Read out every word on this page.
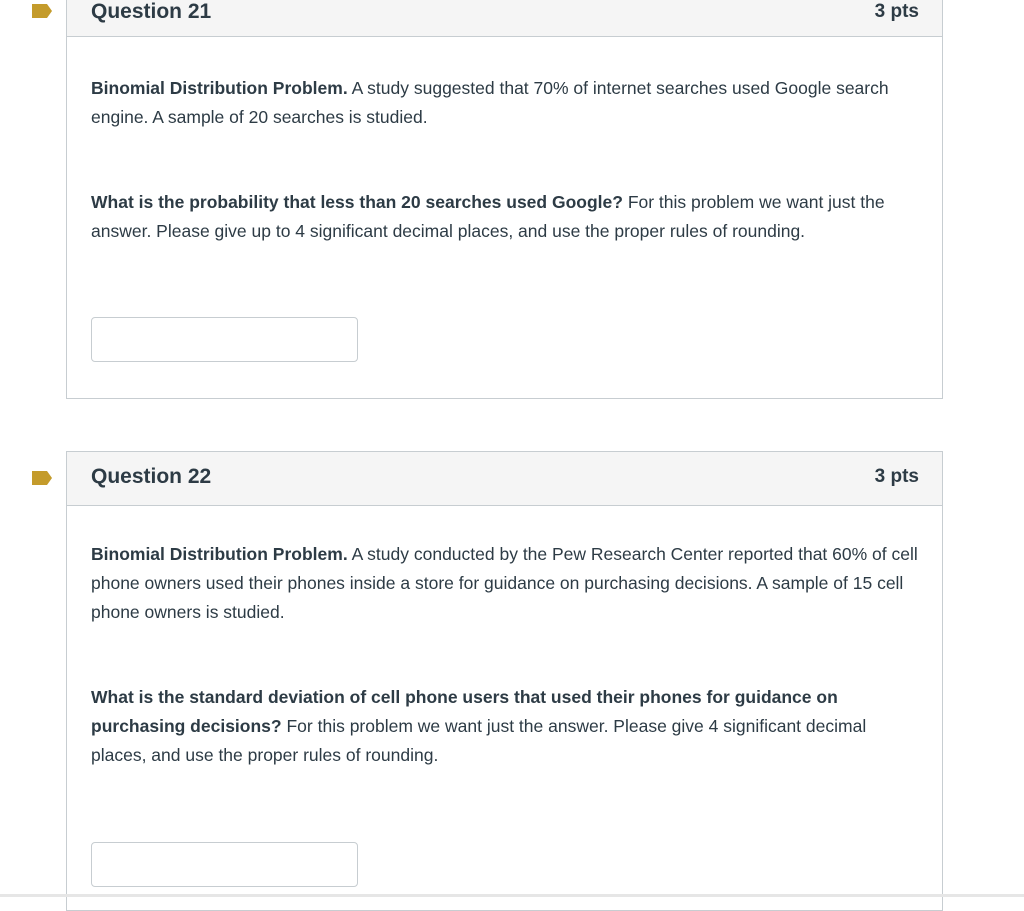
Question 21	3 pts

Binomial Distribution Problem. A study suggested that 70% of internet searches used Google search engine. A sample of 20 searches is studied.

What is the probability that less than 20 searches used Google? For this problem we want just the answer. Please give up to 4 significant decimal places, and use the proper rules of rounding.

Question 22	3 pts

Binomial Distribution Problem. A study conducted by the Pew Research Center reported that 60% of cell phone owners used their phones inside a store for guidance on purchasing decisions. A sample of 15 cell phone owners is studied.

What is the standard deviation of cell phone users that used their phones for guidance on purchasing decisions? For this problem we want just the answer. Please give 4 significant decimal places, and use the proper rules of rounding.
